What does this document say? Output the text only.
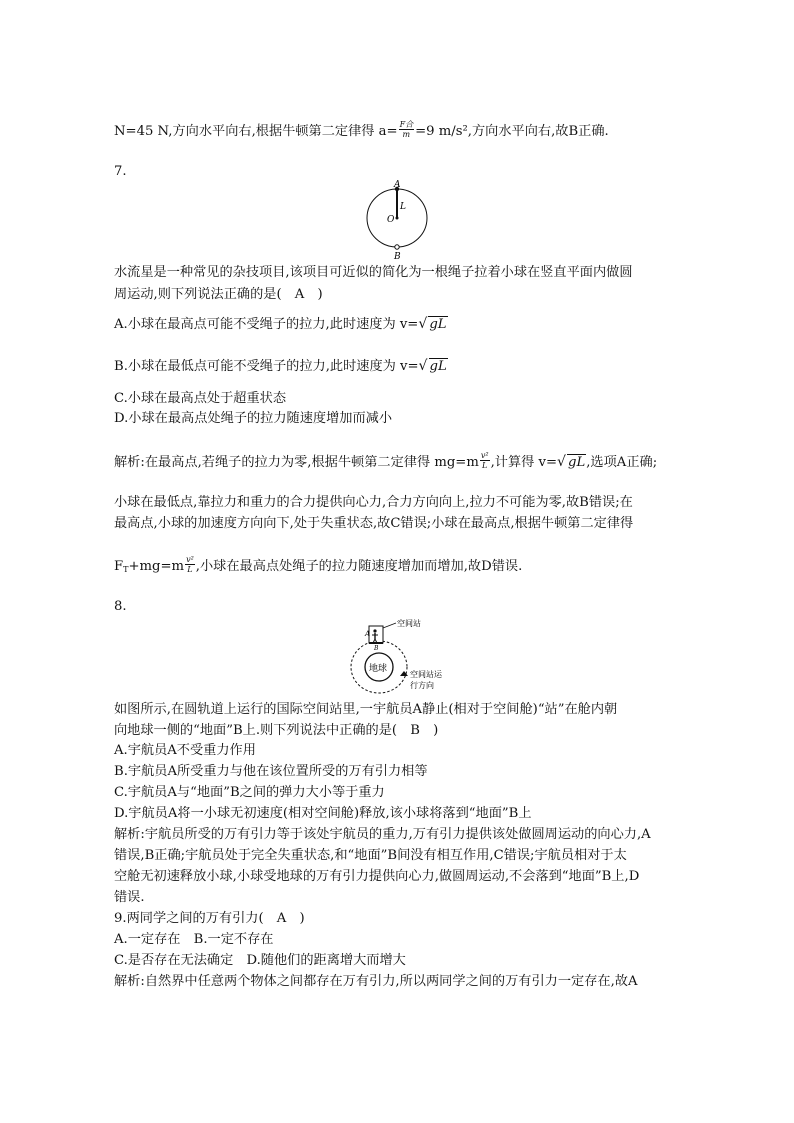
N=45 N,方向水平向右,根据牛顿第二定律得 $a= \frac{\text{F合}}{m} =9$ m/s²,方向水平向右,故B正确.
7.
A
L
O
B
水流星是一种常见的杂技项目,该项目可近似的简化为一根绳子拉着小球在竖直平面内做圆
周运动,则下列说法正确的是(　A　)
A.小球在最高点可能不受绳子的拉力,此时速度为 v= √ gL
B.小球在最低点可能不受绳子的拉力,此时速度为 v= √ gL
C.小球在最高点处于超重状态
D.小球在最高点处绳子的拉力随速度增加而减小
解析:在最高点,若绳子的拉力为零,根据牛顿第二定律得 $mg=m \frac{\text{v²}}{L}$ ,计算得 v= √ gL,选项A正确;
小球在最低点,靠拉力和重力的合力提供向心力,合力方向向上,拉力不可能为零,故B错误;在
最高点,小球的加速度方向向下,处于失重状态,故C错误;小球在最高点,根据牛顿第二定律得
$F_T+mg=m \frac{\text{v²}}{L}$ ,小球在最高点处绳子的拉力随速度增加而增加,故D错误.
8.
地球
A
B
空间站
空间站运
行方向
如图所示,在圆轨道上运行的国际空间站里,一宇航员A静止(相对于空间舱)“站”在舱内朝
向地球一侧的“地面”B上.则下列说法中正确的是(　B　)
A.宇航员A不受重力作用
B.宇航员A所受重力与他在该位置所受的万有引力相等
C.宇航员A与“地面”B之间的弹力大小等于重力
D.宇航员A将一小球无初速度(相对空间舱)释放,该小球将落到“地面”B上
解析:宇航员所受的万有引力等于该处宇航员的重力,万有引力提供该处做圆周运动的向心力,A
错误,B正确;宇航员处于完全失重状态,和“地面”B间没有相互作用,C错误;宇航员相对于太
空舱无初速释放小球,小球受地球的万有引力提供向心力,做圆周运动,不会落到“地面”B上,D
错误.
9.两同学之间的万有引力(　A　)
A.一定存在　B.一定不存在
C.是否存在无法确定　D.随他们的距离增大而增大
解析:自然界中任意两个物体之间都存在万有引力,所以两同学之间的万有引力一定存在,故A
